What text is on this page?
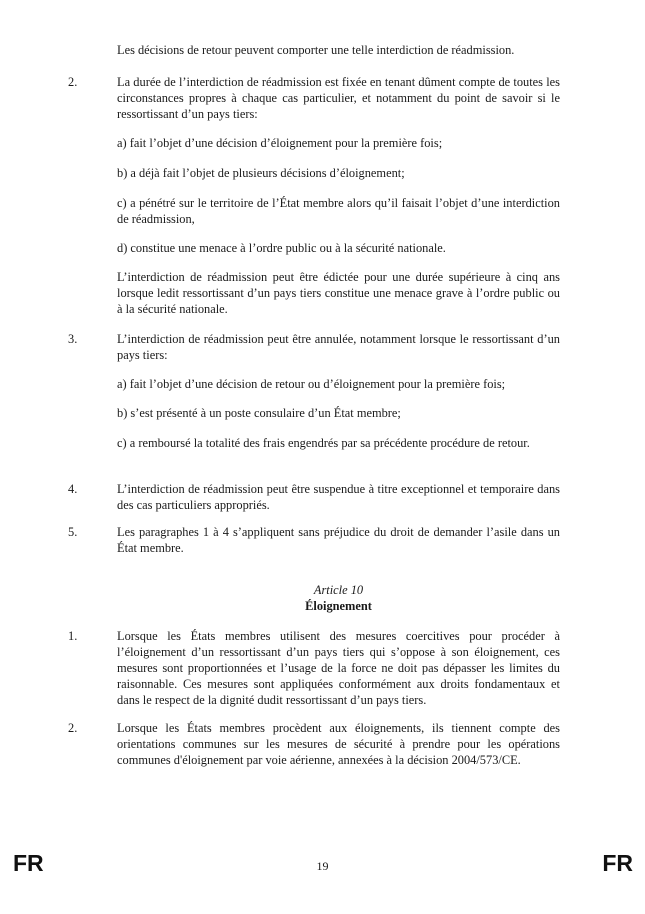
Les décisions de retour peuvent comporter une telle interdiction de réadmission.
2.	La durée de l’interdiction de réadmission est fixée en tenant dûment compte de toutes les circonstances propres à chaque cas particulier, et notamment du point de savoir si le ressortissant d’un pays tiers:
a) fait l’objet d’une décision d’éloignement pour la première fois;
b) a déjà fait l’objet de plusieurs décisions d’éloignement;
c) a pénétré sur le territoire de l’État membre alors qu’il faisait l’objet d’une interdiction de réadmission,
d) constitue une menace à l’ordre public ou à la sécurité nationale.
L’interdiction de réadmission peut être édictée pour une durée supérieure à cinq ans lorsque ledit ressortissant d’un pays tiers constitue une menace grave à l’ordre public ou à la sécurité nationale.
3.	L’interdiction de réadmission peut être annulée, notamment lorsque le ressortissant d’un pays tiers:
a) fait l’objet d’une décision de retour ou d’éloignement pour la première fois;
b) s’est présenté à un poste consulaire d’un État membre;
c) a remboursé la totalité des frais engendrés par sa précédente procédure de retour.
4.	L’interdiction de réadmission peut être suspendue à titre exceptionnel et temporaire dans des cas particuliers appropriés.
5.	Les paragraphes 1 à 4 s’appliquent sans préjudice du droit de demander l’asile dans un État membre.
Article 10
Éloignement
1.	Lorsque les États membres utilisent des mesures coercitives pour procéder à l’éloignement d’un ressortissant d’un pays tiers qui s’oppose à son éloignement, ces mesures sont proportionnées et l’usage de la force ne doit pas dépasser les limites du raisonnable. Ces mesures sont appliquées conformément aux droits fondamentaux et dans le respect de la dignité dudit ressortissant d’un pays tiers.
2.	Lorsque les États membres procèdent aux éloignements, ils tiennent compte des orientations communes sur les mesures de sécurité à prendre pour les opérations communes d'éloignement par voie aérienne, annexées à la décision 2004/573/CE.
FR	19	FR
